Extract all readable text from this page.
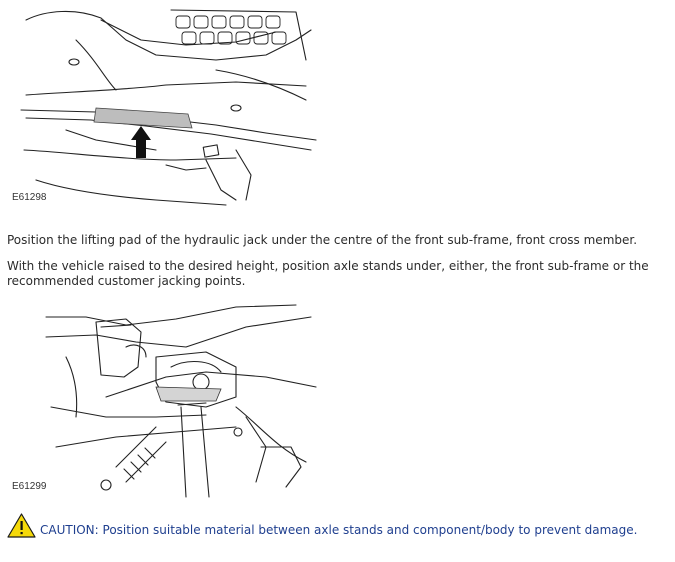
E61298

Position the lifting pad of the hydraulic jack under the centre of the front sub-frame, front cross member.

With the vehicle raised to the desired height, position axle stands under, either, the front sub-frame or the recommended customer jacking points.

E61299
CAUTION: Position suitable material between axle stands and component/body to prevent damage.
